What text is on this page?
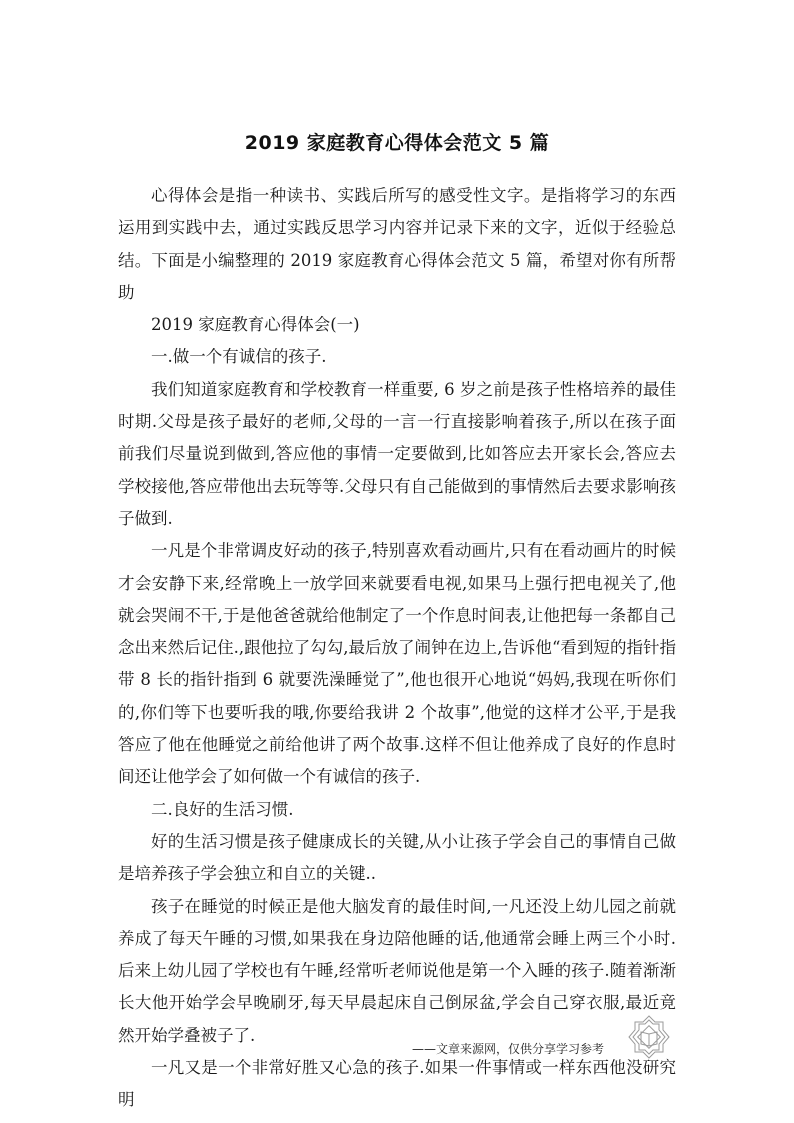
2019 家庭教育心得体会范文 5 篇

心得体会是指一种读书、实践后所写的感受性文字。是指将学习的东西运用到实践中去，通过实践反思学习内容并记录下来的文字，近似于经验总结。下面是小编整理的 2019 家庭教育心得体会范文 5 篇，希望对你有所帮助

2019 家庭教育心得体会(一)

一.做一个有诚信的孩子.

我们知道家庭教育和学校教育一样重要, 6 岁之前是孩子性格培养的最佳时期.父母是孩子最好的老师,父母的一言一行直接影响着孩子,所以在孩子面前我们尽量说到做到,答应他的事情一定要做到,比如答应去开家长会,答应去学校接他,答应带他出去玩等等.父母只有自己能做到的事情然后去要求影响孩子做到.

一凡是个非常调皮好动的孩子,特别喜欢看动画片,只有在看动画片的时候才会安静下来,经常晚上一放学回来就要看电视,如果马上强行把电视关了,他就会哭闹不干,于是他爸爸就给他制定了一个作息时间表,让他把每一条都自己念出来然后记住.,跟他拉了勾勾,最后放了闹钟在边上,告诉他“看到短的指针指带 8 长的指针指到 6 就要洗澡睡觉了”,他也很开心地说“妈妈,我现在听你们的,你们等下也要听我的哦,你要给我讲 2 个故事”,他觉的这样才公平,于是我答应了他在他睡觉之前给他讲了两个故事.这样不但让他养成了良好的作息时间还让他学会了如何做一个有诚信的孩子.

二.良好的生活习惯.

好的生活习惯是孩子健康成长的关键,从小让孩子学会自己的事情自己做是培养孩子学会独立和自立的关键..

孩子在睡觉的时候正是他大脑发育的最佳时间,一凡还没上幼儿园之前就养成了每天午睡的习惯,如果我在身边陪他睡的话,他通常会睡上两三个小时.后来上幼儿园了学校也有午睡,经常听老师说他是第一个入睡的孩子.随着渐渐长大他开始学会早晚刷牙,每天早晨起床自己倒尿盆,学会自己穿衣服,最近竟然开始学叠被子了.

一凡又是一个非常好胜又心急的孩子.如果一件事情或一样东西他没研究明

——文章来源网，仅供分享学习参考
